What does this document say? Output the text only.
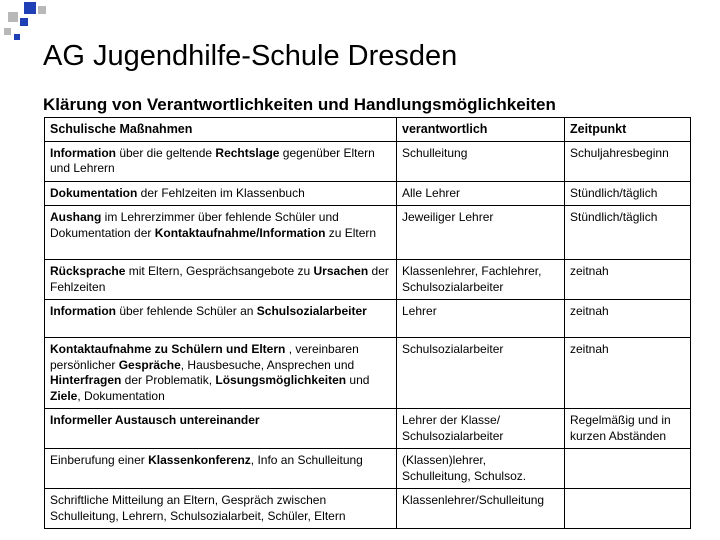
AG Jugendhilfe-Schule Dresden
Klärung von Verantwortlichkeiten und Handlungsmöglichkeiten
Schulische Maßnahmen	verantwortlich	Zeitpunkt
Information über die geltende Rechtslage gegenüber Eltern und Lehrern	Schulleitung	Schuljahresbeginn
Dokumentation der Fehlzeiten im Klassenbuch	Alle Lehrer	Stündlich/täglich
Aushang im Lehrerzimmer über fehlende Schüler und Dokumentation der Kontaktaufnahme/Information zu Eltern	Jeweiliger Lehrer	Stündlich/täglich
Rücksprache mit Eltern, Gesprächsangebote zu Ursachen der Fehlzeiten	Klassenlehrer, Fachlehrer, Schulsozialarbeiter	zeitnah
Information über fehlende Schüler an Schulsozialarbeiter	Lehrer	zeitnah
Kontaktaufnahme zu Schülern und Eltern , vereinbaren persönlicher Gespräche, Hausbesuche, Ansprechen und Hinterfragen der Problematik, Lösungsmöglichkeiten und Ziele, Dokumentation	Schulsozialarbeiter	zeitnah
Informeller Austausch untereinander	Lehrer der Klasse/ Schulsozialarbeiter	Regelmäßig und in kurzen Abständen
Einberufung einer Klassenkonferenz, Info an Schulleitung	(Klassen)lehrer, Schulleitung, Schulsoz.	
Schriftliche Mitteilung an Eltern, Gespräch zwischen Schulleitung, Lehrern, Schulsozialarbeit, Schüler, Eltern	Klassenlehrer/Schulleitung	
